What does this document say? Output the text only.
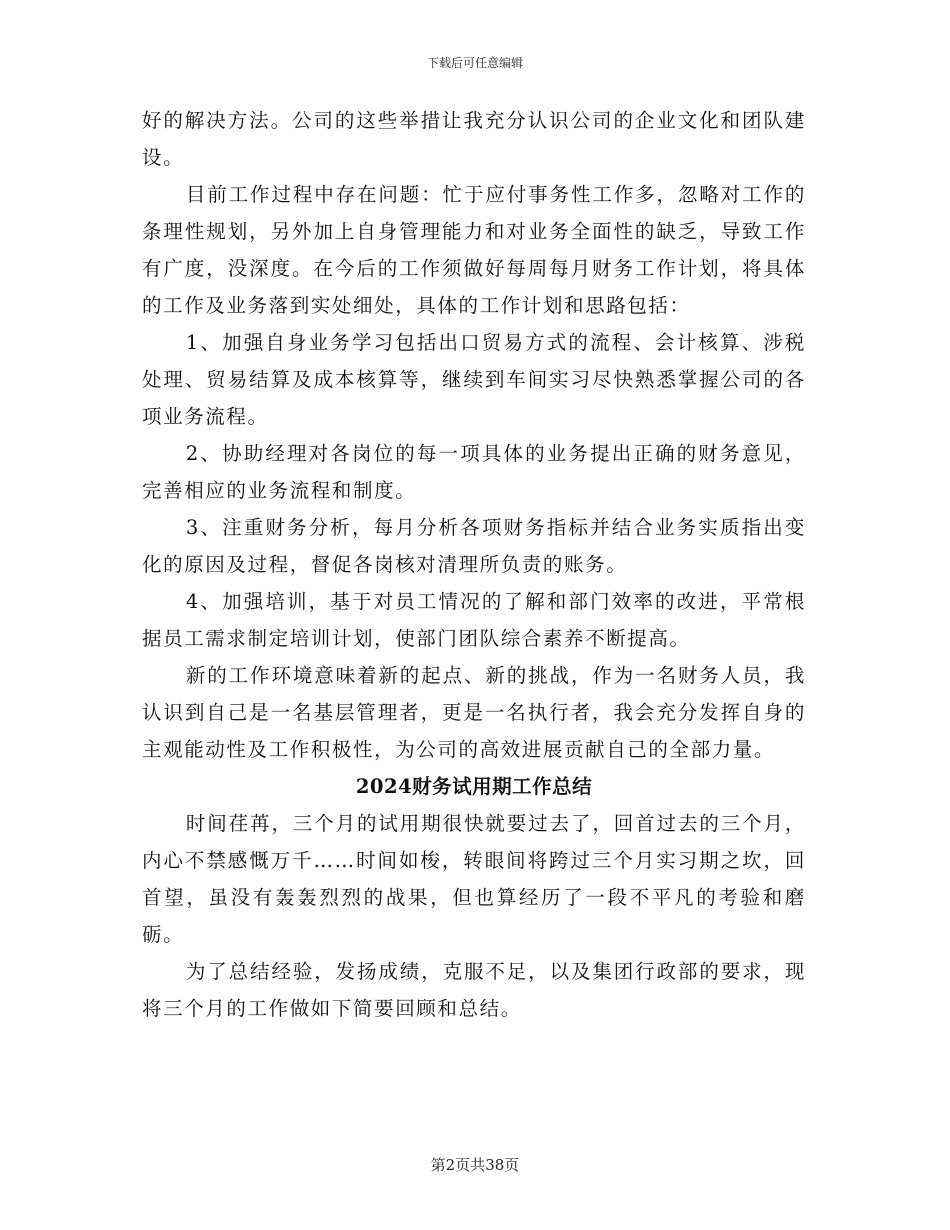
下载后可任意编辑

好的解决方法。公司的这些举措让我充分认识公司的企业文化和团队建设。

目前工作过程中存在问题：忙于应付事务性工作多，忽略对工作的条理性规划，另外加上自身管理能力和对业务全面性的缺乏，导致工作有广度，没深度。在今后的工作须做好每周每月财务工作计划，将具体的工作及业务落到实处细处，具体的工作计划和思路包括：

1、加强自身业务学习包括出口贸易方式的流程、会计核算、涉税处理、贸易结算及成本核算等，继续到车间实习尽快熟悉掌握公司的各项业务流程。

2、协助经理对各岗位的每一项具体的业务提出正确的财务意见，完善相应的业务流程和制度。

3、注重财务分析，每月分析各项财务指标并结合业务实质指出变化的原因及过程，督促各岗核对清理所负责的账务。

4、加强培训，基于对员工情况的了解和部门效率的改进，平常根据员工需求制定培训计划，使部门团队综合素养不断提高。

新的工作环境意味着新的起点、新的挑战，作为一名财务人员，我认识到自己是一名基层管理者，更是一名执行者，我会充分发挥自身的主观能动性及工作积极性，为公司的高效进展贡献自己的全部力量。

2024财务试用期工作总结

时间荏苒，三个月的试用期很快就要过去了，回首过去的三个月，内心不禁感慨万千……时间如梭，转眼间将跨过三个月实习期之坎，回首望，虽没有轰轰烈烈的战果，但也算经历了一段不平凡的考验和磨砺。

为了总结经验，发扬成绩，克服不足，以及集团行政部的要求，现将三个月的工作做如下简要回顾和总结。

第2页共38页
